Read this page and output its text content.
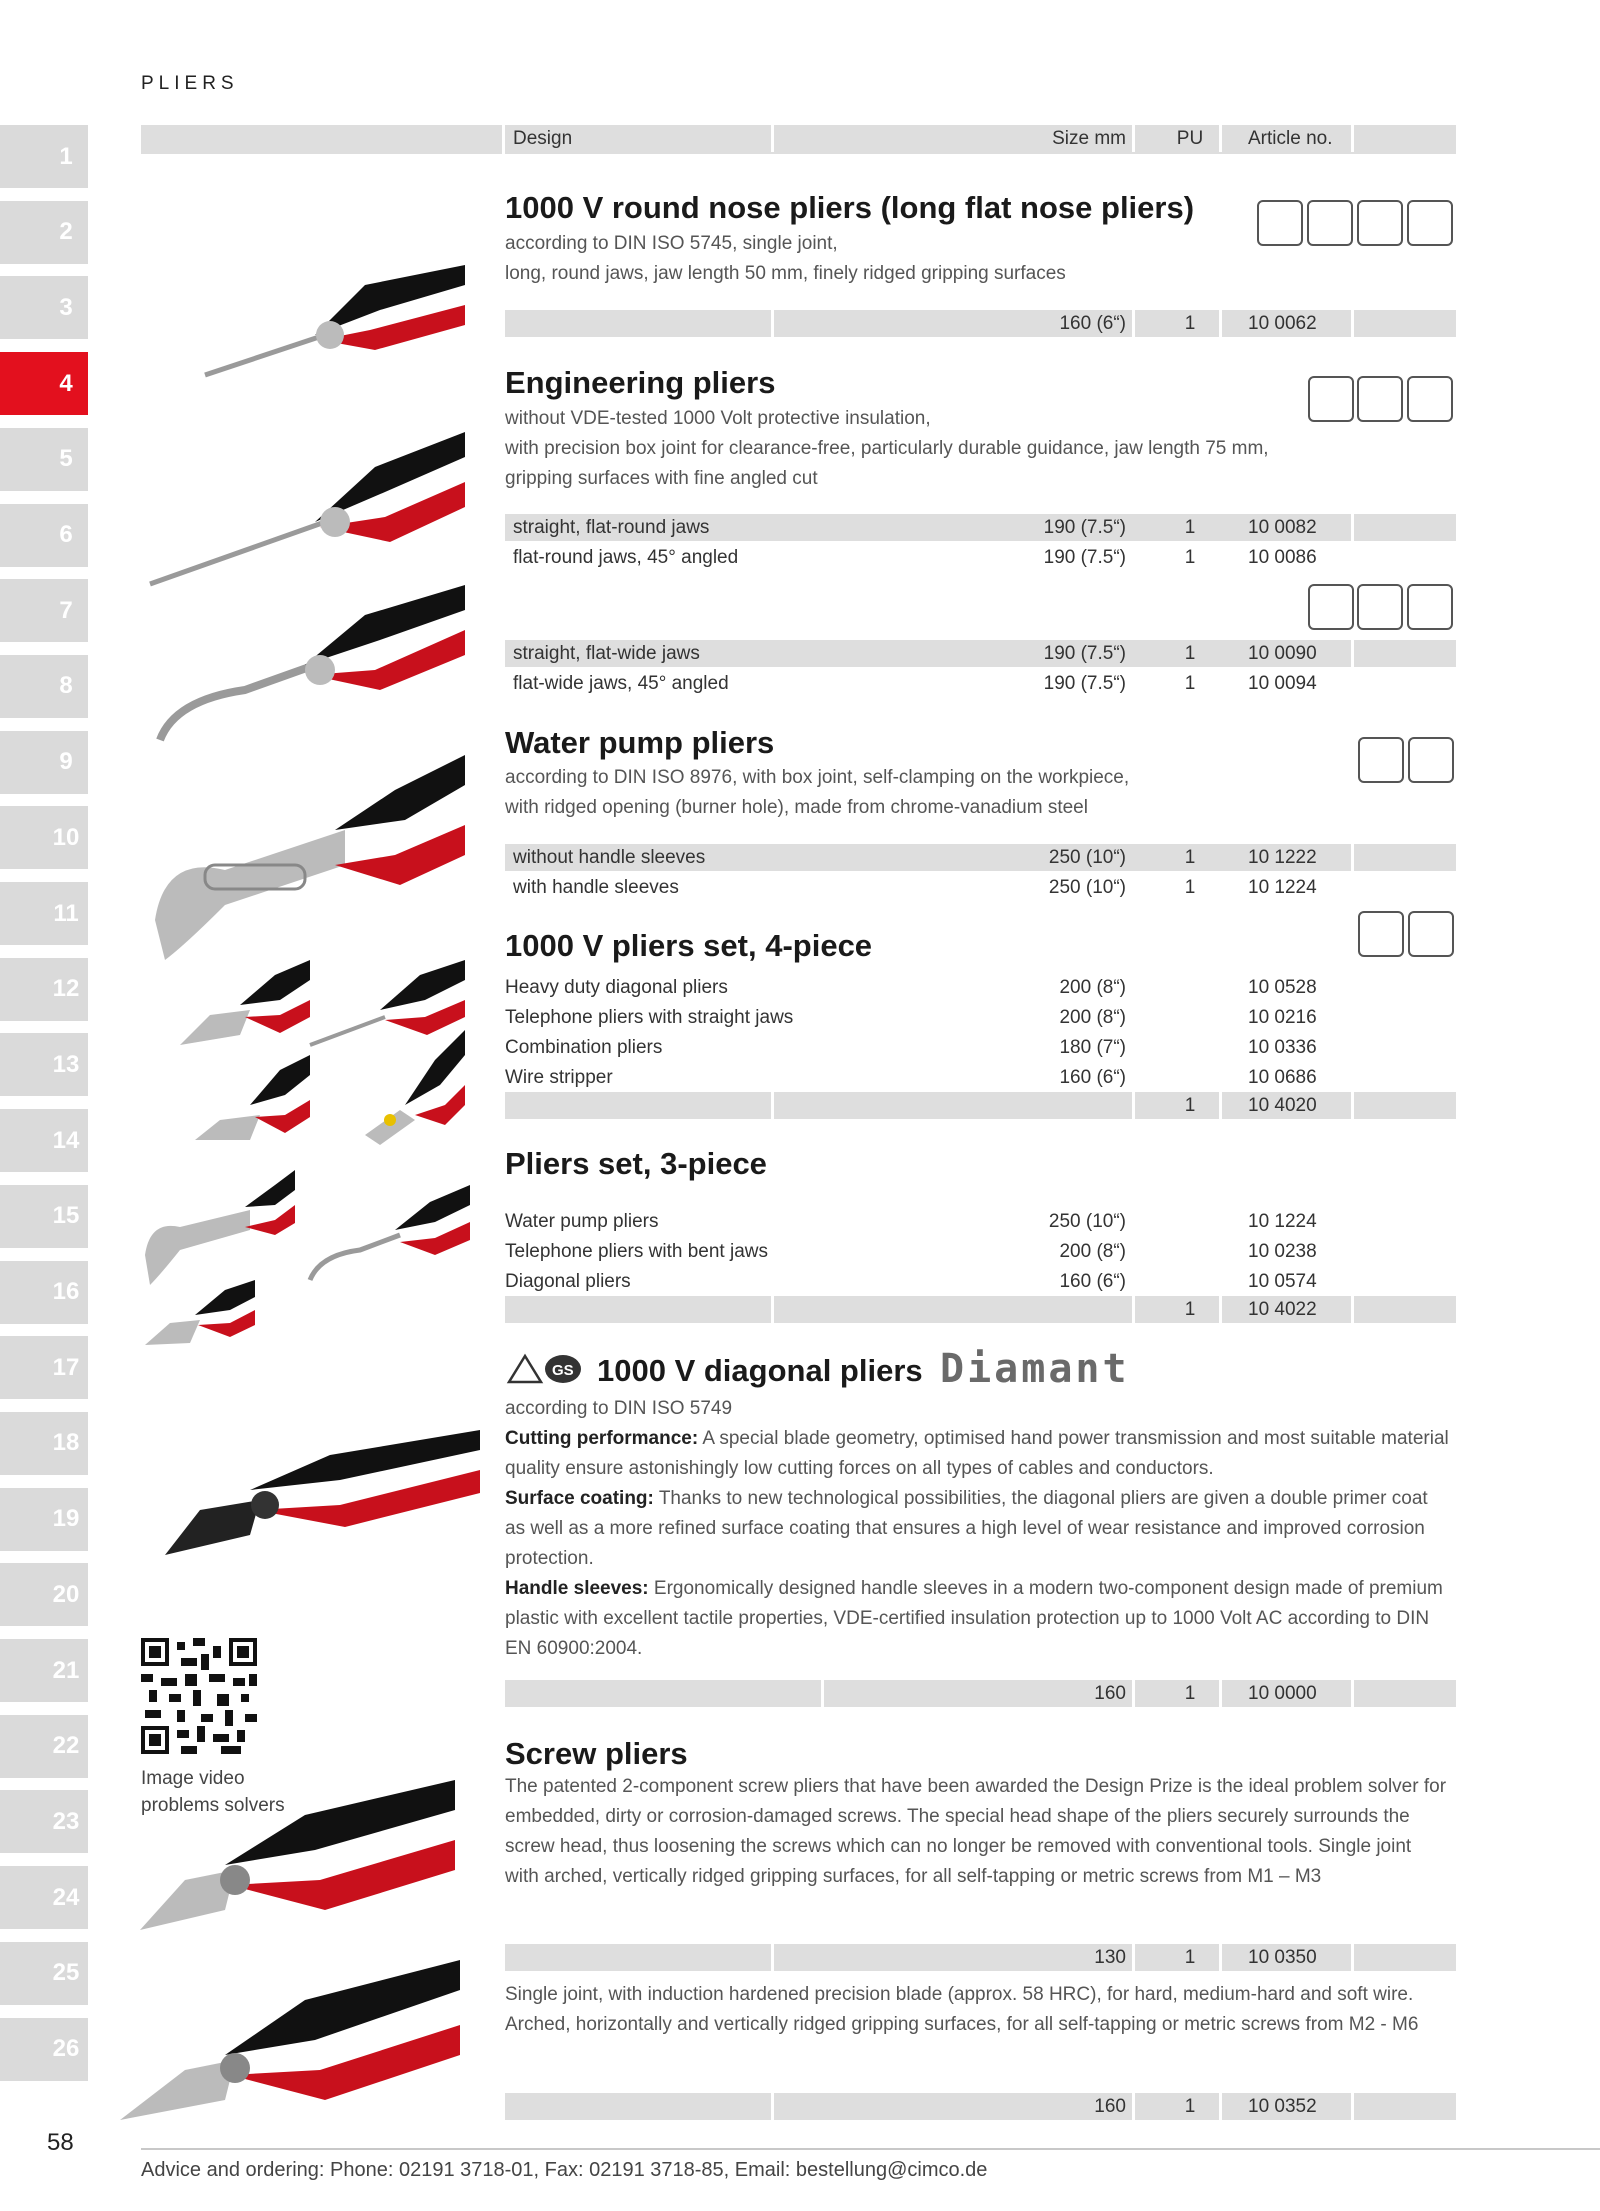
PLIERS
1
2
3
4
5
6
7
8
9
10
11
12
13
14
15
16
17
18
19
20
21
22
23
24
25
26
Design	Size mm	PU	Article no.
1000 V round nose pliers (long flat nose pliers)
according to DIN ISO 5745, single joint,
long, round jaws, jaw length 50 mm, finely ridged gripping surfaces
160 (6“)	1	10 0062
Engineering pliers
without VDE-tested 1000 Volt protective insulation,
with precision box joint for clearance-free, particularly durable guidance, jaw length 75 mm,
gripping surfaces with fine angled cut
straight, flat-round jaws	190 (7.5“)	1	10 0082
flat-round jaws, 45° angled	190 (7.5“)	1	10 0086
straight, flat-wide jaws	190 (7.5“)	1	10 0090
flat-wide jaws, 45° angled	190 (7.5“)	1	10 0094
Water pump pliers
according to DIN ISO 8976, with box joint, self-clamping on the workpiece,
with ridged opening (burner hole), made from chrome-vanadium steel
without handle sleeves	250 (10“)	1	10 1222
with handle sleeves	250 (10“)	1	10 1224
1000 V pliers set, 4-piece
Heavy duty diagonal pliers	200 (8“)	10 0528
Telephone pliers with straight jaws	200 (8“)	10 0216
Combination pliers	180 (7“)	10 0336
Wire stripper	160 (6“)	10 0686
1	10 4020
Pliers set, 3-piece
Water pump pliers	250 (10“)	10 1224
Telephone pliers with bent jaws	200 (8“)	10 0238
Diagonal pliers	160 (6“)	10 0574
1	10 4022
GS 1000 V diagonal pliers Diamant
according to DIN ISO 5749
Cutting performance: A special blade geometry, optimised hand power transmission and most suitable material quality ensure astonishingly low cutting forces on all types of cables and conductors.
Surface coating: Thanks to new technological possibilities, the diagonal pliers are given a double primer coat as well as a more refined surface coating that ensures a high level of wear resistance and improved corrosion protection.
Handle sleeves: Ergonomically designed handle sleeves in a modern two-component design made of premium plastic with excellent tactile properties, VDE-certified insulation protection up to 1000 Volt AC according to DIN EN 60900:2004.
160	1	10 0000
Screw pliers
The patented 2-component screw pliers that have been awarded the Design Prize is the ideal problem solver for embedded, dirty or corrosion-damaged screws. The special head shape of the pliers securely surrounds the screw head, thus loosening the screws which can no longer be removed with conventional tools. Single joint with arched, vertically ridged gripping surfaces, for all self-tapping or metric screws from M1 – M3
130	1	10 0350
Single joint, with induction hardened precision blade (approx. 58 HRC), for hard, medium-hard and soft wire. Arched, horizontally and vertically ridged gripping surfaces, for all self-tapping or metric screws from M2 - M6
160	1	10 0352
Image video
problems solvers
58
Advice and ordering: Phone: 02191 3718-01, Fax: 02191 3718-85, Email: bestellung@cimco.de
